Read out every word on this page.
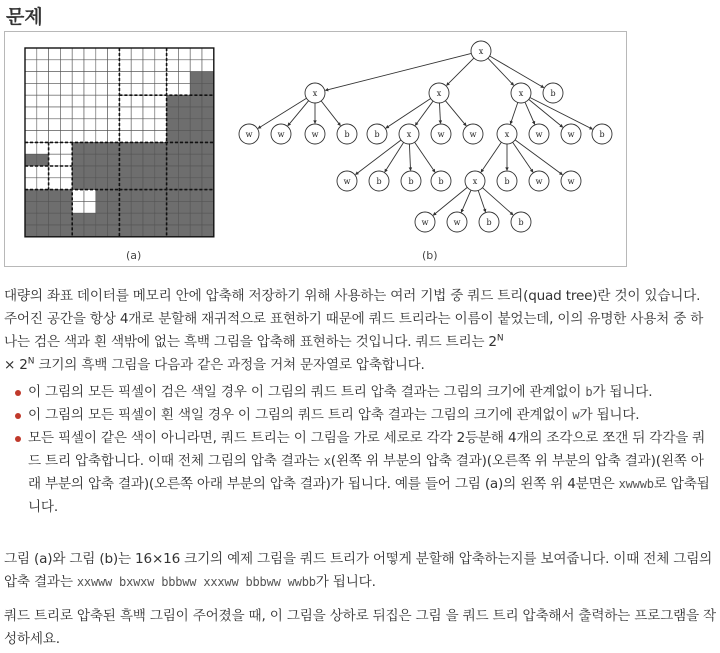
문제
x
x	x	x	b
w	w	w	b	b	x	w	w	x	w	w	b
w	b	b	b	x	b	w	w
w	w	b	b
(a)	(b)

대량의 좌표 데이터를 메모리 안에 압축해 저장하기 위해 사용하는 여러 기법 중 쿼드 트리(quad tree)란 것이 있습니다. 주어진 공간을 항상 4개로 분할해 재귀적으로 표현하기 때문에 쿼드 트리라는 이름이 붙었는데, 이의 유명한 사용처 중 하나는 검은 색과 흰 색밖에 없는 흑백 그림을 압축해 표현하는 것입니다. 쿼드 트리는 $2^N$
× $2^N$ 크기의 흑백 그림을 다음과 같은 과정을 거쳐 문자열로 압축합니다.

이 그림의 모든 픽셀이 검은 색일 경우 이 그림의 쿼드 트리 압축 결과는 그림의 크기에 관계없이 b가 됩니다.
이 그림의 모든 픽셀이 흰 색일 경우 이 그림의 쿼드 트리 압축 결과는 그림의 크기에 관계없이 w가 됩니다.
모든 픽셀이 같은 색이 아니라면, 쿼드 트리는 이 그림을 가로 세로로 각각 2등분해 4개의 조각으로 쪼갠 뒤 각각을 쿼드 트리 압축합니다. 이때 전체 그림의 압축 결과는 x(왼쪽 위 부분의 압축 결과)(오른쪽 위 부분의 압축 결과)(왼쪽 아래 부분의 압축 결과)(오른쪽 아래 부분의 압축 결과)가 됩니다. 예를 들어 그림 (a)의 왼쪽 위 4분면은 xwwwb로 압축됩니다.

그림 (a)와 그림 (b)는 16×16 크기의 예제 그림을 쿼드 트리가 어떻게 분할해 압축하는지를 보여줍니다. 이때 전체 그림의 압축 결과는 xxwww bxwxw bbbww xxxww bbbww wwbb가 됩니다.

쿼드 트리로 압축된 흑백 그림이 주어졌을 때, 이 그림을 상하로 뒤집은 그림 을 쿼드 트리 압축해서 출력하는 프로그램을 작성하세요.
